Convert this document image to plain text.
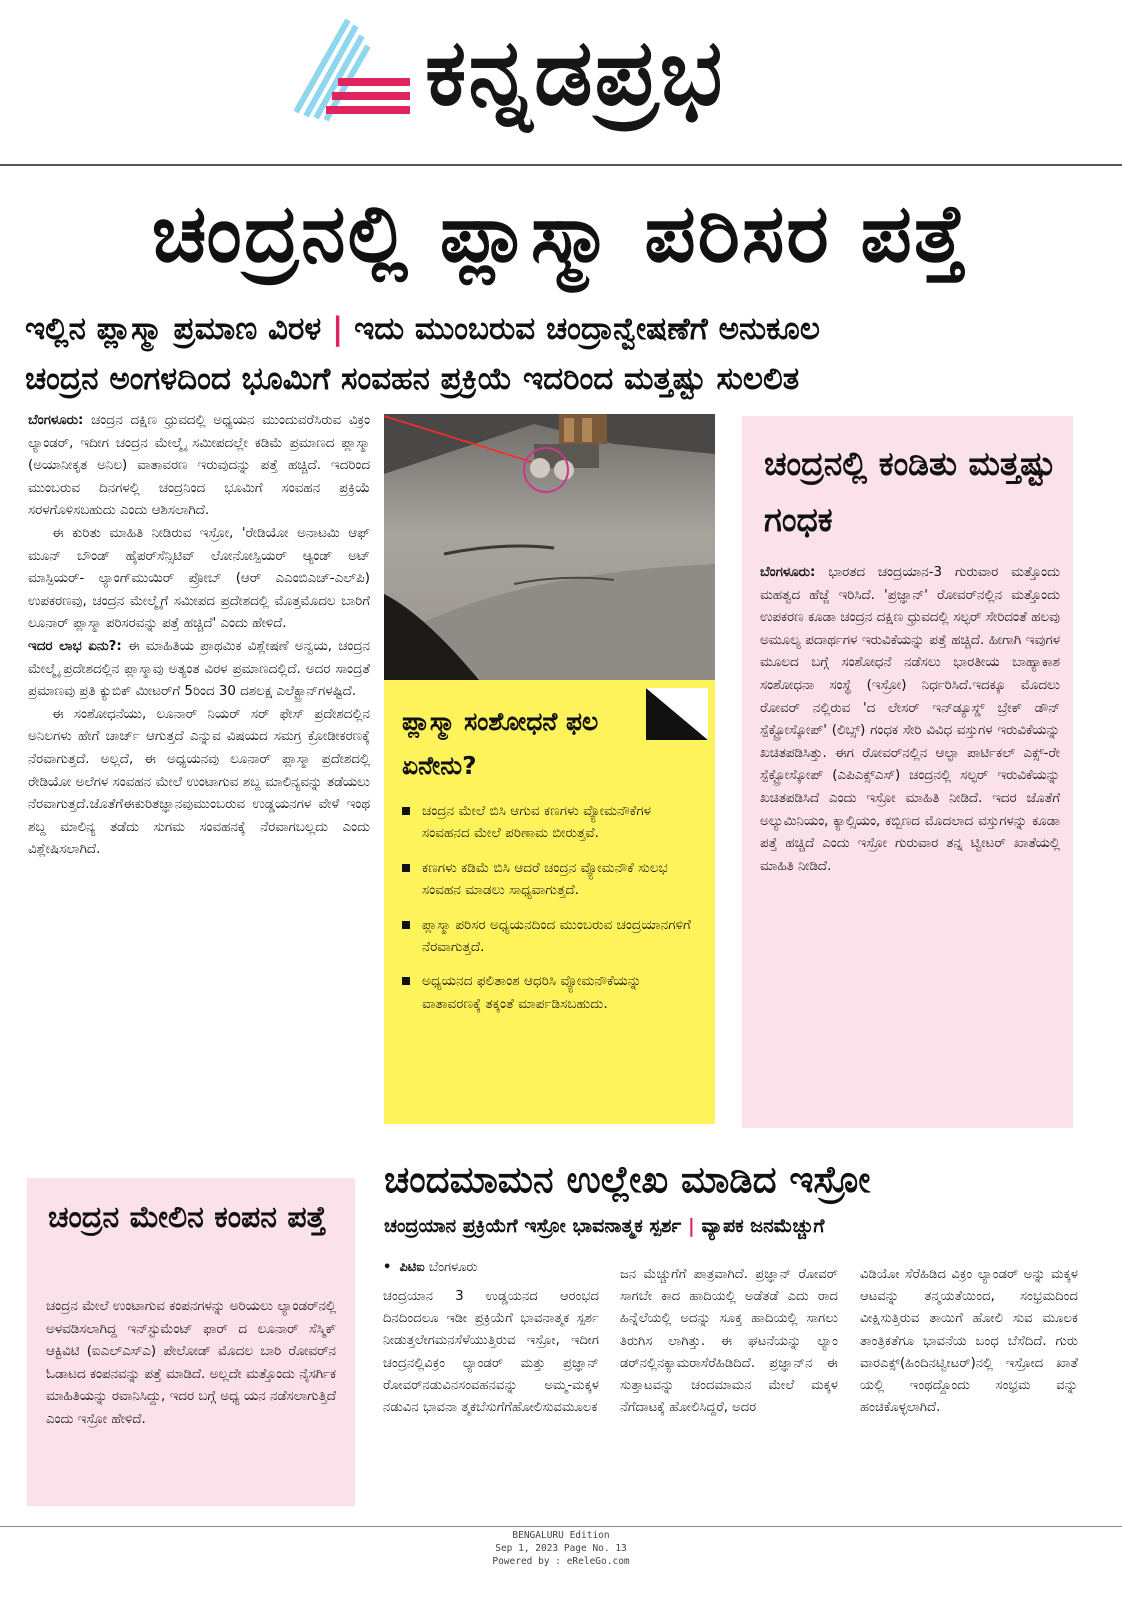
ಕನ್ನಡಪ್ರಭ
ಚಂದ್ರನಲ್ಲಿ ಪ್ಲಾಸ್ಮಾ ಪರಿಸರ ಪತ್ತೆ
ಇಲ್ಲಿನ ಪ್ಲಾಸ್ಮಾ ಪ್ರಮಾಣ ವಿರಳ | ಇದು ಮುಂಬರುವ ಚಂದ್ರಾನ್ವೇಷಣೆಗೆ ಅನುಕೂಲ
ಚಂದ್ರನ ಅಂಗಳದಿಂದ ಭೂಮಿಗೆ ಸಂವಹನ ಪ್ರಕ್ರಿಯೆ ಇದರಿಂದ ಮತ್ತಷ್ಟು ಸುಲಲಿತ

ಬೆಂಗಳೂರು: ಚಂದ್ರನ ದಕ್ಷಿಣ ಧ್ರುವದಲ್ಲಿ ಅಧ್ಯಯನ ಮುಂದುವರೆಸಿರುವ ವಿಕ್ರಂ ಲ್ಯಾಂಡರ್, ಇದೀಗ ಚಂದ್ರನ ಮೇಲ್ಮೈ ಸಮೀಪದಲ್ಲೇ ಕಡಿಮೆ ಪ್ರಮಾಣದ ಪ್ಲಾಸ್ಮಾ (ಅಯಾನೀಕೃತ ಅನಿಲ) ವಾತಾವರಣ ಇರುವುದನ್ನು ಪತ್ತೆ ಹಚ್ಚಿದೆ. ಇದರಿಂದ ಮುಂಬರುವ ದಿನಗಳಲ್ಲಿ ಚಂದ್ರನಿಂದ ಭೂಮಿಗೆ ಸಂವಹನ ಪ್ರಕ್ರಿಯೆ ಸರಳಗೊಳಿಸಬಹುದು ಎಂದು ಆಶಿಸಲಾಗಿದೆ.

ಈ ಕುರಿತು ಮಾಹಿತಿ ನೀಡಿರುವ ಇಸ್ರೋ, 'ರೇಡಿಯೋ ಅನಾಟಮಿ ಆಫ್ ಮೂನ್ ಬೌಂಡ್ ಹೈಪರ್‌ಸೆನ್ಸಿಟಿವ್ ಲೋನೋಸ್ಪಿಯರ್ ಆ್ಯಂಡ್ ಅಟ್ ಮಾಸ್ಪಿಯರ್- ಲ್ಯಾಂಗ್‌ಮುಯಿರ್ ಪ್ರೋಬ್ (ಆರ್ ಎಎಂಬಿಎಚ್-ಎಲ್‌ಪಿ) ಉಪಕರಣವು, ಚಂದ್ರನ ಮೇಲ್ಮೈಗೆ ಸಮೀಪದ ಪ್ರದೇಶದಲ್ಲಿ ಮೊತ್ತಮೊದಲ ಬಾರಿಗೆ ಲೂನಾರ್ ಪ್ಲಾಸ್ಮಾ ಪರಿಸರವನ್ನು ಪತ್ತೆ ಹಚ್ಚಿದೆ' ಎಂದು ಹೇಳಿದೆ.

ಇದರ ಲಾಭ ಏನು?: ಈ ಮಾಹಿತಿಯ ಪ್ರಾಥಮಿಕ ವಿಶ್ಲೇಷಣೆ ಅನ್ವಯ, ಚಂದ್ರನ ಮೇಲ್ಮೈ ಪ್ರದೇಶದಲ್ಲಿನ ಪ್ಲಾಸ್ಮಾವು ಅತ್ಯಂತ ವಿರಳ ಪ್ರಮಾಣದಲ್ಲಿದೆ. ಅದರ ಸಾಂದ್ರತೆ ಪ್ರಮಾಣವು ಪ್ರತಿ ಕ್ಯುಬಿಕ್ ಮೀಟರ್‌ಗೆ 5ರಿಂದ 30 ದಶಲಕ್ಷ ಎಲೆಕ್ಟ್ರಾನ್‌ಗಳಷ್ಟಿದೆ.

ಈ ಸಂಶೋಧನೆಯು, ಲೂನಾರ್ ನಿಯರ್ ಸರ್ ಫೇಸ್ ಪ್ರದೇಶದಲ್ಲಿನ ಅನಿಲಗಳು ಹೇಗೆ ಚಾರ್ಜ್ ಆಗುತ್ತದೆ ಎನ್ನುವ ವಿಷಯದ ಸಮಗ್ರ ಕ್ರೋಡೀಕರಣಕ್ಕೆ ನೆರವಾಗುತ್ತದೆ. ಅಲ್ಲದೆ, ಈ ಅಧ್ಯಯನವು ಲೂನಾರ್ ಪ್ಲಾಸ್ಮಾ ಪ್ರದೇಶದಲ್ಲಿ ರೇಡಿಯೋ ಅಲೆಗಳ ಸಂವಹನ ಮೇಲೆ ಉಂಟಾಗುವ ಶಬ್ದ ಮಾಲಿನ್ಯವನ್ನು ತಡೆಯಲು ನೆರವಾಗುತ್ತದೆ.ಜೊತೆಗೆಈಕುರಿತಜ್ಞಾನವುಮುಂಬರುವ ಉಡ್ಡಯನಗಳ ವೇಳೆ ಇಂಥ ಶಬ್ದ ಮಾಲಿನ್ಯ ತಡೆದು ಸುಗಮ ಸಂವಹನಕ್ಕೆ ನೆರವಾಗಬಲ್ಲದು ಎಂದು ವಿಶ್ಲೇಷಿಸಲಾಗಿದೆ.

ಪ್ಲಾಸ್ಮಾ ಸಂಶೋಧನೆ ಫಲ ಏನೇನು?
ಚಂದ್ರನ ಮೇಲೆ ಬಿಸಿ ಆಗುವ ಕಣಗಳು ವ್ಯೋಮನೌಕೆಗಳ ಸಂವಹನದ ಮೇಲೆ ಪರಿಣಾಮ ಬೀರುತ್ತವೆ.
ಕಣಗಳು ಕಡಿಮೆ ಬಿಸಿ ಆದರೆ ಚಂದ್ರನ ವ್ಯೋಮನೌಕೆ ಸುಲಭ ಸಂವಹನ ಮಾಡಲು ಸಾಧ್ಯವಾಗುತ್ತದೆ.
ಪ್ಲಾಸ್ಮಾ ಪರಿಸರ ಅಧ್ಯಯನದಿಂದ ಮುಂಬರುವ ಚಂದ್ರಯಾನಗಳಿಗೆ ನೆರವಾಗುತ್ತದೆ.
ಅಧ್ಯಯನದ ಫಲಿತಾಂಶ ಆಧರಿಸಿ ವ್ಯೋಮನೌಕೆಯನ್ನು ವಾತಾವರಣಕ್ಕೆ ತಕ್ಕಂತೆ ಮಾರ್ಪಡಿಸಬಹುದು.
ಚಂದ್ರನಲ್ಲಿ ಕಂಡಿತು ಮತ್ತಷ್ಟು ಗಂಧಕ

ಬೆಂಗಳೂರು: ಭಾರತದ ಚಂದ್ರಯಾನ-3 ಗುರುವಾರ ಮತ್ತೊಂದು ಮಹತ್ವದ ಹೆಜ್ಜೆ ಇರಿಸಿದೆ. 'ಪ್ರಜ್ಞಾನ್' ರೋವರ್‌ನಲ್ಲಿನ ಮತ್ತೊಂದು ಉಪಕರಣ ಕೂಡಾ ಚಂದ್ರನ ದಕ್ಷಿಣ ಧ್ರುವದಲ್ಲಿ ಸಲ್ಫರ್ ಸೇರಿದಂತೆ ಹಲವು ಅಮೂಲ್ಯ ಪದಾರ್ಥಗಳ ಇರುವಿಕೆಯನ್ನು ಪತ್ತೆ ಹಚ್ಚಿದೆ. ಹೀಗಾಗಿ ಇವುಗಳ ಮೂಲದ ಬಗ್ಗೆ ಸಂಶೋಧನೆ ನಡೆಸಲು ಭಾರತೀಯ ಬಾಹ್ಯಾಕಾಶ ಸಂಶೋಧನಾ ಸಂಸ್ಥೆ (ಇಸ್ರೋ) ನಿರ್ಧರಿಸಿದೆ.ಇದಕ್ಕೂ ಮೊದಲು ರೋವರ್ ನಲ್ಲಿರುವ 'ದ ಲೇಸರ್ ಇನ್‌ಡ್ಯೂಸ್ಡ್ ಬ್ರೇಕ್ ಡೌನ್ ಸ್ಪೆಕ್ಟ್ರೋಸ್ಕೋಪ್' (ಲಿಬ್ಸ್) ಗಂಧಕ ಸೇರಿ ವಿವಿಧ ವಸ್ತುಗಳ ಇರುವಿಕೆಯನ್ನು ಖಚಿತಪಡಿಸಿತ್ತು. ಈಗ ರೋವರ್‌ನಲ್ಲಿನ ಆಲ್ಫಾ ಪಾರ್ಟಿಕಲ್ ಎಕ್ಸ್-ರೇ ಸ್ಪೆಕ್ಟ್ರೋಸ್ಕೋಪ್ (ಎಪಿಎಕ್ಸ್‌ಎಸ್) ಚಂದ್ರನಲ್ಲಿ ಸಲ್ಫರ್ ಇರುವಿಕೆಯನ್ನು ಖಚಿತಪಡಿಸಿದೆ ಎಂದು ಇಸ್ರೋ ಮಾಹಿತಿ ನೀಡಿದೆ. ಇದರ ಜೊತೆಗೆ ಅಲ್ಯುಮಿನಿಯಂ, ಕ್ಯಾಲ್ಸಿಯಂ, ಕಬ್ಬಿಣದ ಮೊದಲಾದ ವಸ್ತುಗಳನ್ನು ಕೂಡಾ ಪತ್ತೆ ಹಚ್ಚಿದೆ ಎಂದು ಇಸ್ರೋ ಗುರುವಾರ ತನ್ನ ಟ್ವೀಟರ್ ಖಾತೆಯಲ್ಲಿ ಮಾಹಿತಿ ನೀಡಿದೆ.

ಚಂದಮಾಮನ ಉಲ್ಲೇಖ ಮಾಡಿದ ಇಸ್ರೋ
ಚಂದ್ರಯಾನ ಪ್ರಕ್ರಿಯೆಗೆ ಇಸ್ರೋ ಭಾವನಾತ್ಮಕ ಸ್ಪರ್ಶ | ವ್ಯಾಪಕ ಜನಮೆಚ್ಚುಗೆ
ಚಂದ್ರನ ಮೇಲಿನ ಕಂಪನ ಪತ್ತೆ
ಚಂದ್ರನ ಮೇಲೆ ಉಂಟಾಗುವ ಕಂಪನಗಳನ್ನು ಅರಿಯಲು ಲ್ಯಾಂಡರ್‌ನಲ್ಲಿ ಅಳವಡಿಸಲಾಗಿದ್ದ ಇನ್‌ಸ್ಟುಮೆಂಟ್ ಫಾರ್ ದ ಲೂನಾರ್ ಸೆಸ್ಮಿಕ್ ಆಕ್ಟಿವಿಟಿ (ಐಎಲ್‌ಎಸ್‌ಎ) ಪೇಲೋಡ್ ಮೊದಲ ಬಾರಿ ರೋವರ್‌ನ ಓಡಾಟದ ಕಂಪನವನ್ನು ಪತ್ತೆ ಮಾಡಿದೆ. ಅಲ್ಲದೇ ಮತ್ತೊಂದು ನೈಸರ್ಗಿಕ ಮಾಹಿತಿಯನ್ನು ರವಾನಿಸಿದ್ದು, ಇದರ ಬಗ್ಗೆ ಅಧ್ಯ ಯನ ನಡೆಸಲಾಗುತ್ತಿದೆ ಎಂದು ಇಸ್ರೋ ಹೇಳಿದೆ.
• ಪಿಟಿಐ ಬೆಂಗಳೂರು
ಚಂದ್ರಯಾನ 3 ಉಡ್ಡಯನದ ಆರಂಭದ ದಿನದಿಂದಲೂ ಇಡೀ ಪ್ರಕ್ರಿಯೆಗೆ ಭಾವನಾತ್ಮಕ ಸ್ಪರ್ಶ ನೀಡುತ್ತಲೇಗಮನಸೆಳೆಯುತ್ತಿರುವ ಇಸ್ರೋ, ಇದೀಗ ಚಂದ್ರನಲ್ಲಿವಿಕ್ರಂ ಲ್ಯಾಂಡರ್ ಮತ್ತು ಪ್ರಜ್ಞಾನ್ ರೋವರ್‌ನಡುವಿನಸಂವಹನವನ್ನು ಅಮ್ಮ-ಮಕ್ಕಳ ನಡುವಿನ ಭಾವನಾ ತ್ಮಕಬೆಸುಗೆಗೆಹೋಲಿಸುವಮೂಲಕ
ಜನ ಮೆಚ್ಚುಗೆಗೆ ಪಾತ್ರವಾಗಿದೆ. ಪ್ರಜ್ಞಾನ್ ರೋವರ್ ಸಾಗಬೇ ಕಾದ ಹಾದಿಯಲ್ಲಿ ಅಡೆತಡೆ ಎದು ರಾದ ಹಿನ್ನೆಲೆಯಲ್ಲಿ ಅದನ್ನು ಸೂಕ್ತ ಹಾದಿಯಲ್ಲಿ ಸಾಗಲು ತಿರುಗಿಸ ಲಾಗಿತ್ತು. ಈ ಘಟನೆಯನ್ನು ಲ್ಯಾಂ ಡರ್‌ನಲ್ಲಿನಕ್ಯಾಮರಾಸೆರೆಹಿಡಿದಿದೆ. ಪ್ರಜ್ಞಾನ್‌ನ ಈ ಸುತ್ತಾಟವನ್ನು ಚಂದಮಾಮನ ಮೇಲೆ ಮಕ್ಕಳ ನೆಗೆದಾಟಕ್ಕೆ ಹೋಲಿಸಿದ್ದರೆ, ಅದರ
ವಿಡಿಯೋ ಸೆರೆಹಿಡಿದ ವಿಕ್ರಂ ಲ್ಯಾಂಡರ್ ಅನ್ನು ಮಕ್ಕಳ ಆಟವನ್ನು ತನ್ಮಯತೆಯಿಂದ, ಸಂಭ್ರಮದಿಂದ ವೀಕ್ಷಿಸುತ್ತಿರುವ ತಾಯಿಗೆ ಹೋಲಿ ಸುವ ಮೂಲಕ ತಾಂತ್ರಿಕತೆಗೂ ಭಾವನೆಯ ಬಂಧ ಬೆಸೆದಿದೆ. ಗುರು ವಾರಎಕ್ಸ್(ಹಿಂದಿನಟ್ವೀಟರ್)ನಲ್ಲಿ ಇಸ್ರೋದ ಖಾತೆ ಯಲ್ಲಿ ಇಂಥದ್ದೊಂದು ಸಂಭ್ರಮ ವನ್ನು ಹಂಚಿಕೊಳ್ಳಲಾಗಿದೆ.
BENGALURU Edition
Sep 1, 2023 Page No. 13
Powered by : eReleGo.com
